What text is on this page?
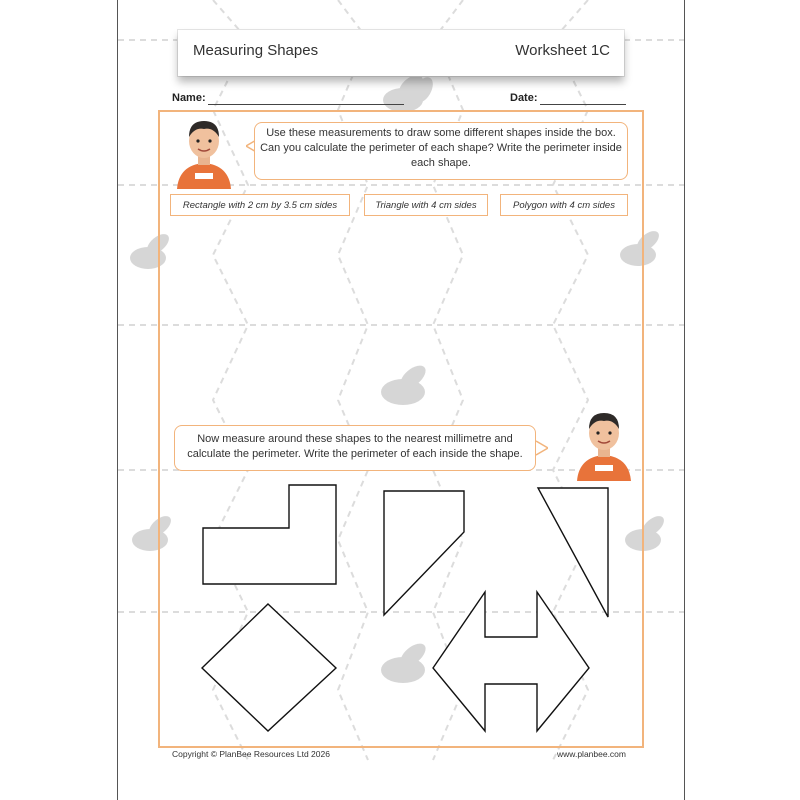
Measuring Shapes	Worksheet 1C
Name:	Date:
Use these measurements to draw some different shapes inside the box. Can you calculate the perimeter of each shape? Write the perimeter inside each shape.
Rectangle with 2 cm by 3.5 cm sides	Triangle with 4 cm sides	Polygon with 4 cm sides
Now measure around these shapes to the nearest millimetre and calculate the perimeter. Write the perimeter of each inside the shape.
Copyright © PlanBee Resources Ltd 2026	www.planbee.com
